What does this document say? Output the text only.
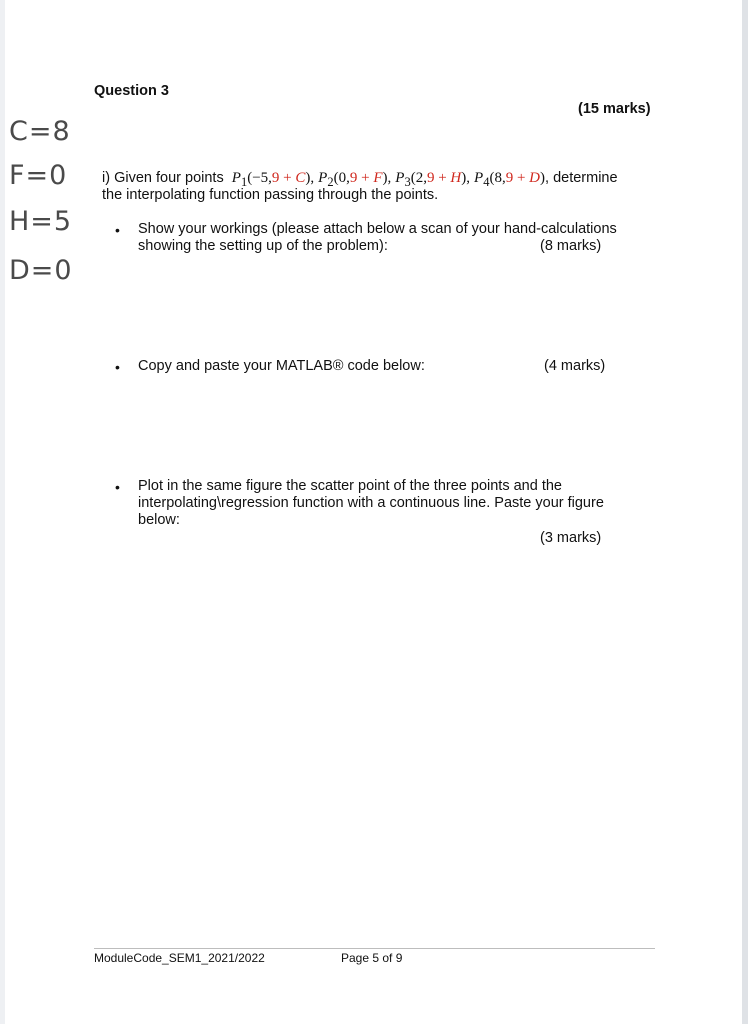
Question 3
(15 marks)
C=8
F=0
H=5
D=0
i) Given four points $P_1(-5,9 + C)$, $P_2(0,9 + F)$, $P_3(2,9 + H)$, $P_4(8,9 + D)$, determine
the interpolating function passing through the points.
• Show your workings (please attach below a scan of your hand-calculations
showing the setting up of the problem):	(8 marks)
• Copy and paste your MATLAB® code below:	(4 marks)
• Plot in the same figure the scatter point of the three points and the
interpolating\regression function with a continuous line. Paste your figure
below:
(3 marks)
ModuleCode_SEM1_2021/2022	Page 5 of 9
